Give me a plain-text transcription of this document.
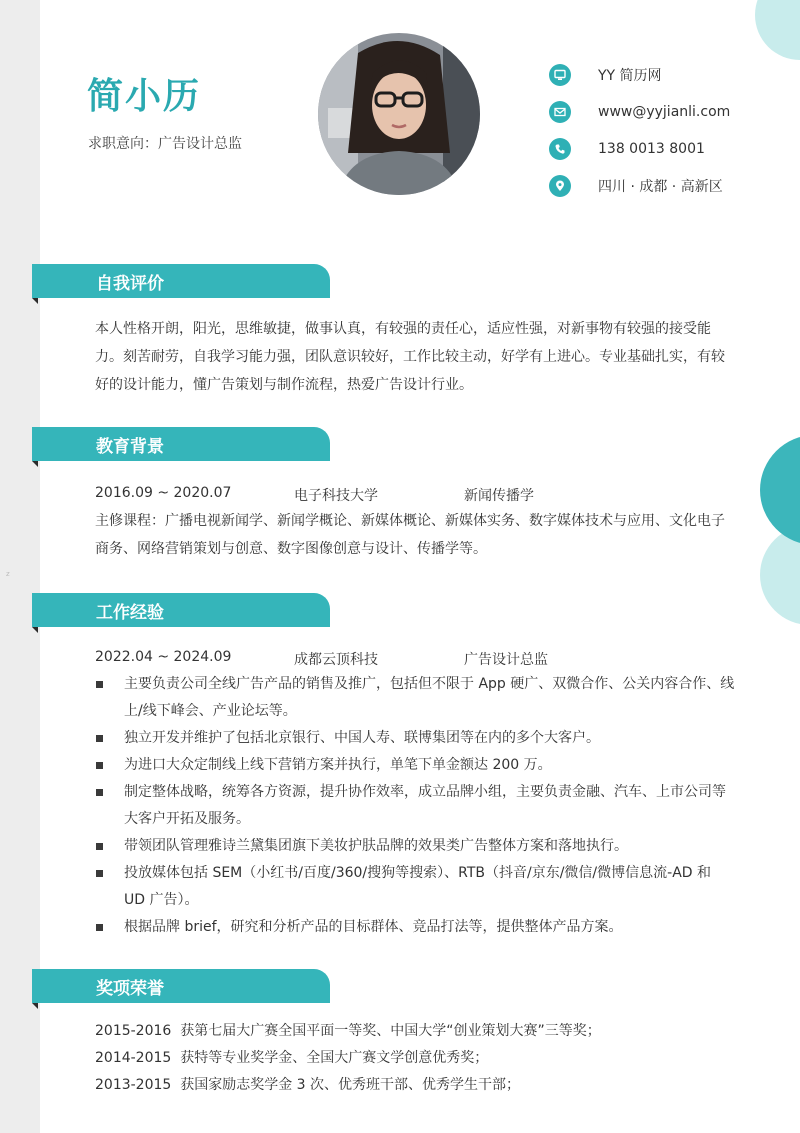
z
简小历
求职意向：广告设计总监
YY 简历网
www@yyjianli.com
138 0013 8001
四川 · 成都 · 高新区
自我评价
本人性格开朗，阳光，思维敏捷，做事认真，有较强的责任心，适应性强，对新事物有较强的接受能力。刻苦耐劳，自我学习能力强，团队意识较好，工作比较主动，好学有上进心。专业基础扎实，有较好的设计能力，懂广告策划与制作流程，热爱广告设计行业。
教育背景
2016.09 ~ 2020.07	电子科技大学	新闻传播学
主修课程：广播电视新闻学、新闻学概论、新媒体概论、新媒体实务、数字媒体技术与应用、文化电子商务、网络营销策划与创意、数字图像创意与设计、传播学等。
工作经验
2022.04 ~ 2024.09	成都云顶科技	广告设计总监
主要负责公司全线广告产品的销售及推广，包括但不限于 App 硬广、双微合作、公关内容合作、线上/线下峰会、产业论坛等。
独立开发并维护了包括北京银行、中国人寿、联博集团等在内的多个大客户。
为进口大众定制线上线下营销方案并执行，单笔下单金额达 200 万。
制定整体战略，统筹各方资源，提升协作效率，成立品牌小组，主要负责金融、汽车、上市公司等大客户开拓及服务。
带领团队管理雅诗兰黛集团旗下美妆护肤品牌的效果类广告整体方案和落地执行。
投放媒体包括 SEM（小红书/百度/360/搜狗等搜索）、RTB（抖音/京东/微信/微博信息流-AD 和 UD 广告）。
根据品牌 brief，研究和分析产品的目标群体、竞品打法等，提供整体产品方案。
奖项荣誉
2015-2016  获第七届大广赛全国平面一等奖、中国大学“创业策划大赛”三等奖；
2014-2015  获特等专业奖学金、全国大广赛文学创意优秀奖；
2013-2015  获国家励志奖学金 3 次、优秀班干部、优秀学生干部；
